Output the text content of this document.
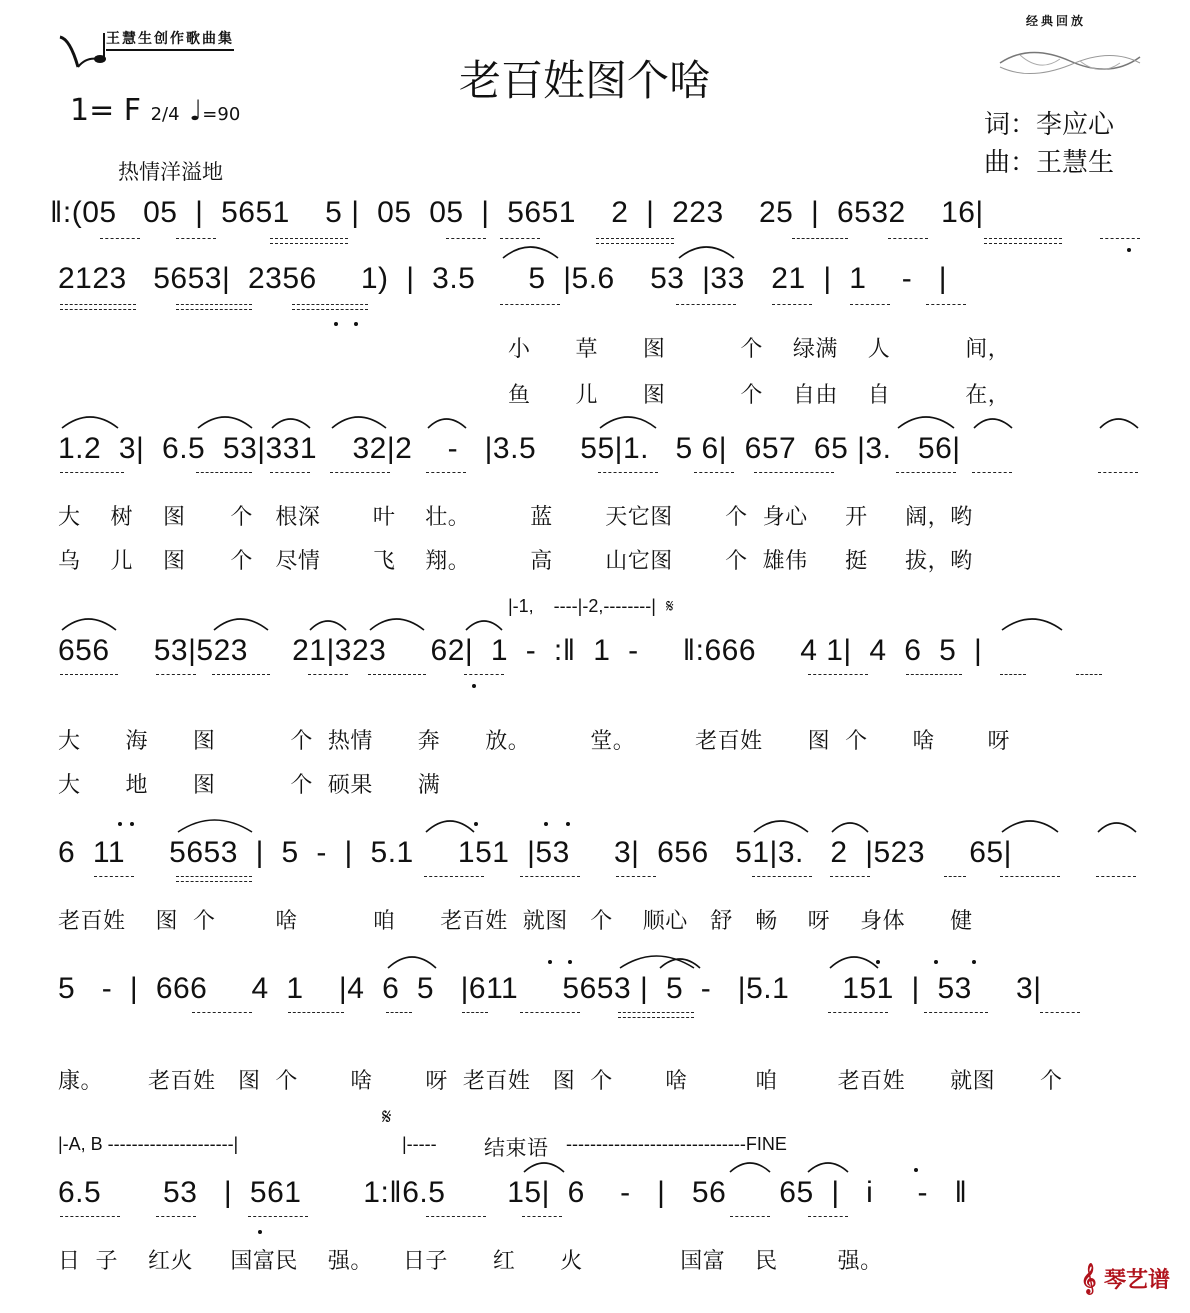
王慧生创作歌曲集

经典回放
老百姓图个啥
1= F 2/4 ♩=90	词：李应心
曲：王慧生
热情洋溢地
‖:(05   05  |  5651    5 |  05  05  |  5651    2  |  223    25  |  6532    16|
2123   5653|  2356     1)  |  3.5      5  |5.6    53  |33   21  |  1    -   |
小      草      图          个    绿满    人          间，
鱼      儿      图          个    自由    自          在，
1.2  3|  6.5  53|331    32|2    -   |3.5     55|1.   5 6|  657  65 |3.   56|
大    树    图      个   根深       叶    壮。        蓝       天它图       个  身心     开     阔，哟
乌    儿    图      个   尽情       飞    翔。        高       山它图       个  雄伟     挺     拔，哟
|-1,    ----|-2,--------|  𝄋
656     53|523     21|323     62|  1  -  :‖  1  -     ‖:666     4 1|  4  6  5  |
大      海      图          个  热情      奔      放。        堂。        老百姓      图  个      啥       呀
大      地      图          个  硕果      满
6  11     5653  |  5  -  |  5.1     151  |53     3|  656   51|3.   2  |523     65|
老百姓    图  个        啥          咱      老百姓  就图   个    顺心   舒   畅    呀    身体      健
5   -  |  666     4  1    |4  6  5   |611     5653 |  5  -   |5.1      151  |  53     3|
康。      老百姓   图  个       啥       呀  老百姓   图  个       啥         咱        老百姓      就图      个
𝄋
|-A, B ---------------------|	|----- 结束语 ------------------------------FINE
6.5       53   |  561       1:‖6.5       15|  6    -   |   56      65  |   i     -   ‖
日  子    红火     国富民    强。    日子      红      火             国富    民        强。
𝄞 琴艺谱
